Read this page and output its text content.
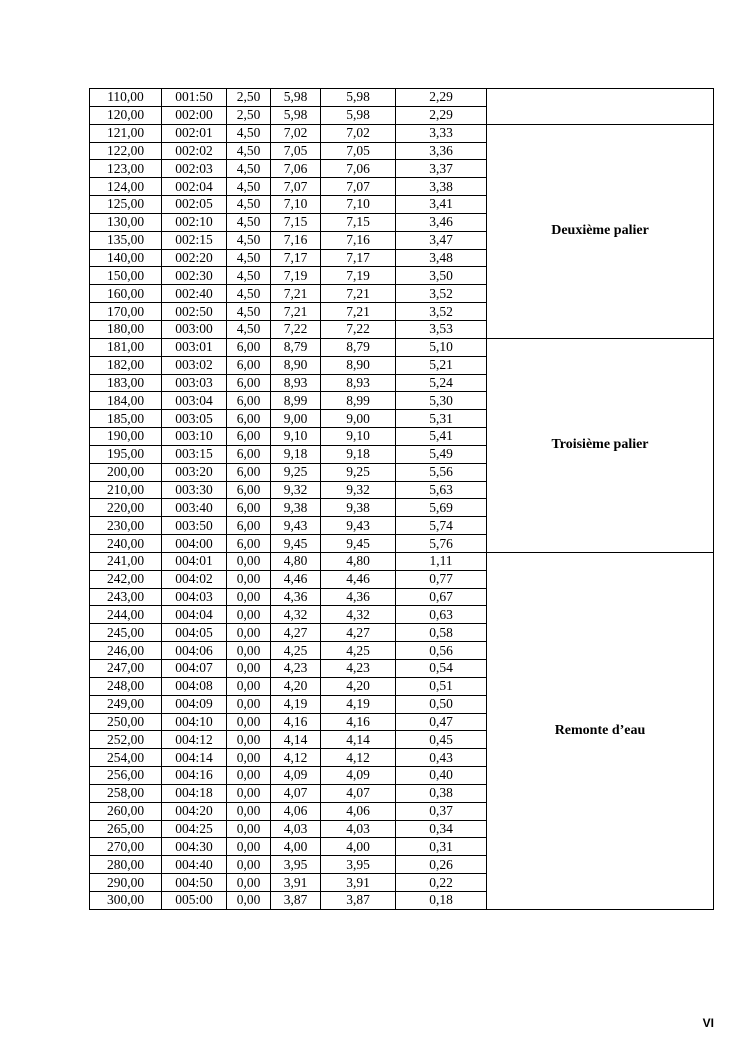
110,00	001:50	2,50	5,98	5,98	2,29	
120,00	002:00	2,50	5,98	5,98	2,29	
121,00	002:01	4,50	7,02	7,02	3,33	Deuxième palier
122,00	002:02	4,50	7,05	7,05	3,36	
123,00	002:03	4,50	7,06	7,06	3,37	
124,00	002:04	4,50	7,07	7,07	3,38	
125,00	002:05	4,50	7,10	7,10	3,41	
130,00	002:10	4,50	7,15	7,15	3,46	
135,00	002:15	4,50	7,16	7,16	3,47	
140,00	002:20	4,50	7,17	7,17	3,48	
150,00	002:30	4,50	7,19	7,19	3,50	
160,00	002:40	4,50	7,21	7,21	3,52	
170,00	002:50	4,50	7,21	7,21	3,52	
180,00	003:00	4,50	7,22	7,22	3,53	
181,00	003:01	6,00	8,79	8,79	5,10	Troisième palier
182,00	003:02	6,00	8,90	8,90	5,21	
183,00	003:03	6,00	8,93	8,93	5,24	
184,00	003:04	6,00	8,99	8,99	5,30	
185,00	003:05	6,00	9,00	9,00	5,31	
190,00	003:10	6,00	9,10	9,10	5,41	
195,00	003:15	6,00	9,18	9,18	5,49	
200,00	003:20	6,00	9,25	9,25	5,56	
210,00	003:30	6,00	9,32	9,32	5,63	
220,00	003:40	6,00	9,38	9,38	5,69	
230,00	003:50	6,00	9,43	9,43	5,74	
240,00	004:00	6,00	9,45	9,45	5,76	
241,00	004:01	0,00	4,80	4,80	1,11	Remonte d’eau
242,00	004:02	0,00	4,46	4,46	0,77	
243,00	004:03	0,00	4,36	4,36	0,67	
244,00	004:04	0,00	4,32	4,32	0,63	
245,00	004:05	0,00	4,27	4,27	0,58	
246,00	004:06	0,00	4,25	4,25	0,56	
247,00	004:07	0,00	4,23	4,23	0,54	
248,00	004:08	0,00	4,20	4,20	0,51	
249,00	004:09	0,00	4,19	4,19	0,50	
250,00	004:10	0,00	4,16	4,16	0,47	
252,00	004:12	0,00	4,14	4,14	0,45	
254,00	004:14	0,00	4,12	4,12	0,43	
256,00	004:16	0,00	4,09	4,09	0,40	
258,00	004:18	0,00	4,07	4,07	0,38	
260,00	004:20	0,00	4,06	4,06	0,37	
265,00	004:25	0,00	4,03	4,03	0,34	
270,00	004:30	0,00	4,00	4,00	0,31	
280,00	004:40	0,00	3,95	3,95	0,26	
290,00	004:50	0,00	3,91	3,91	0,22	
300,00	005:00	0,00	3,87	3,87	0,18	
VI
